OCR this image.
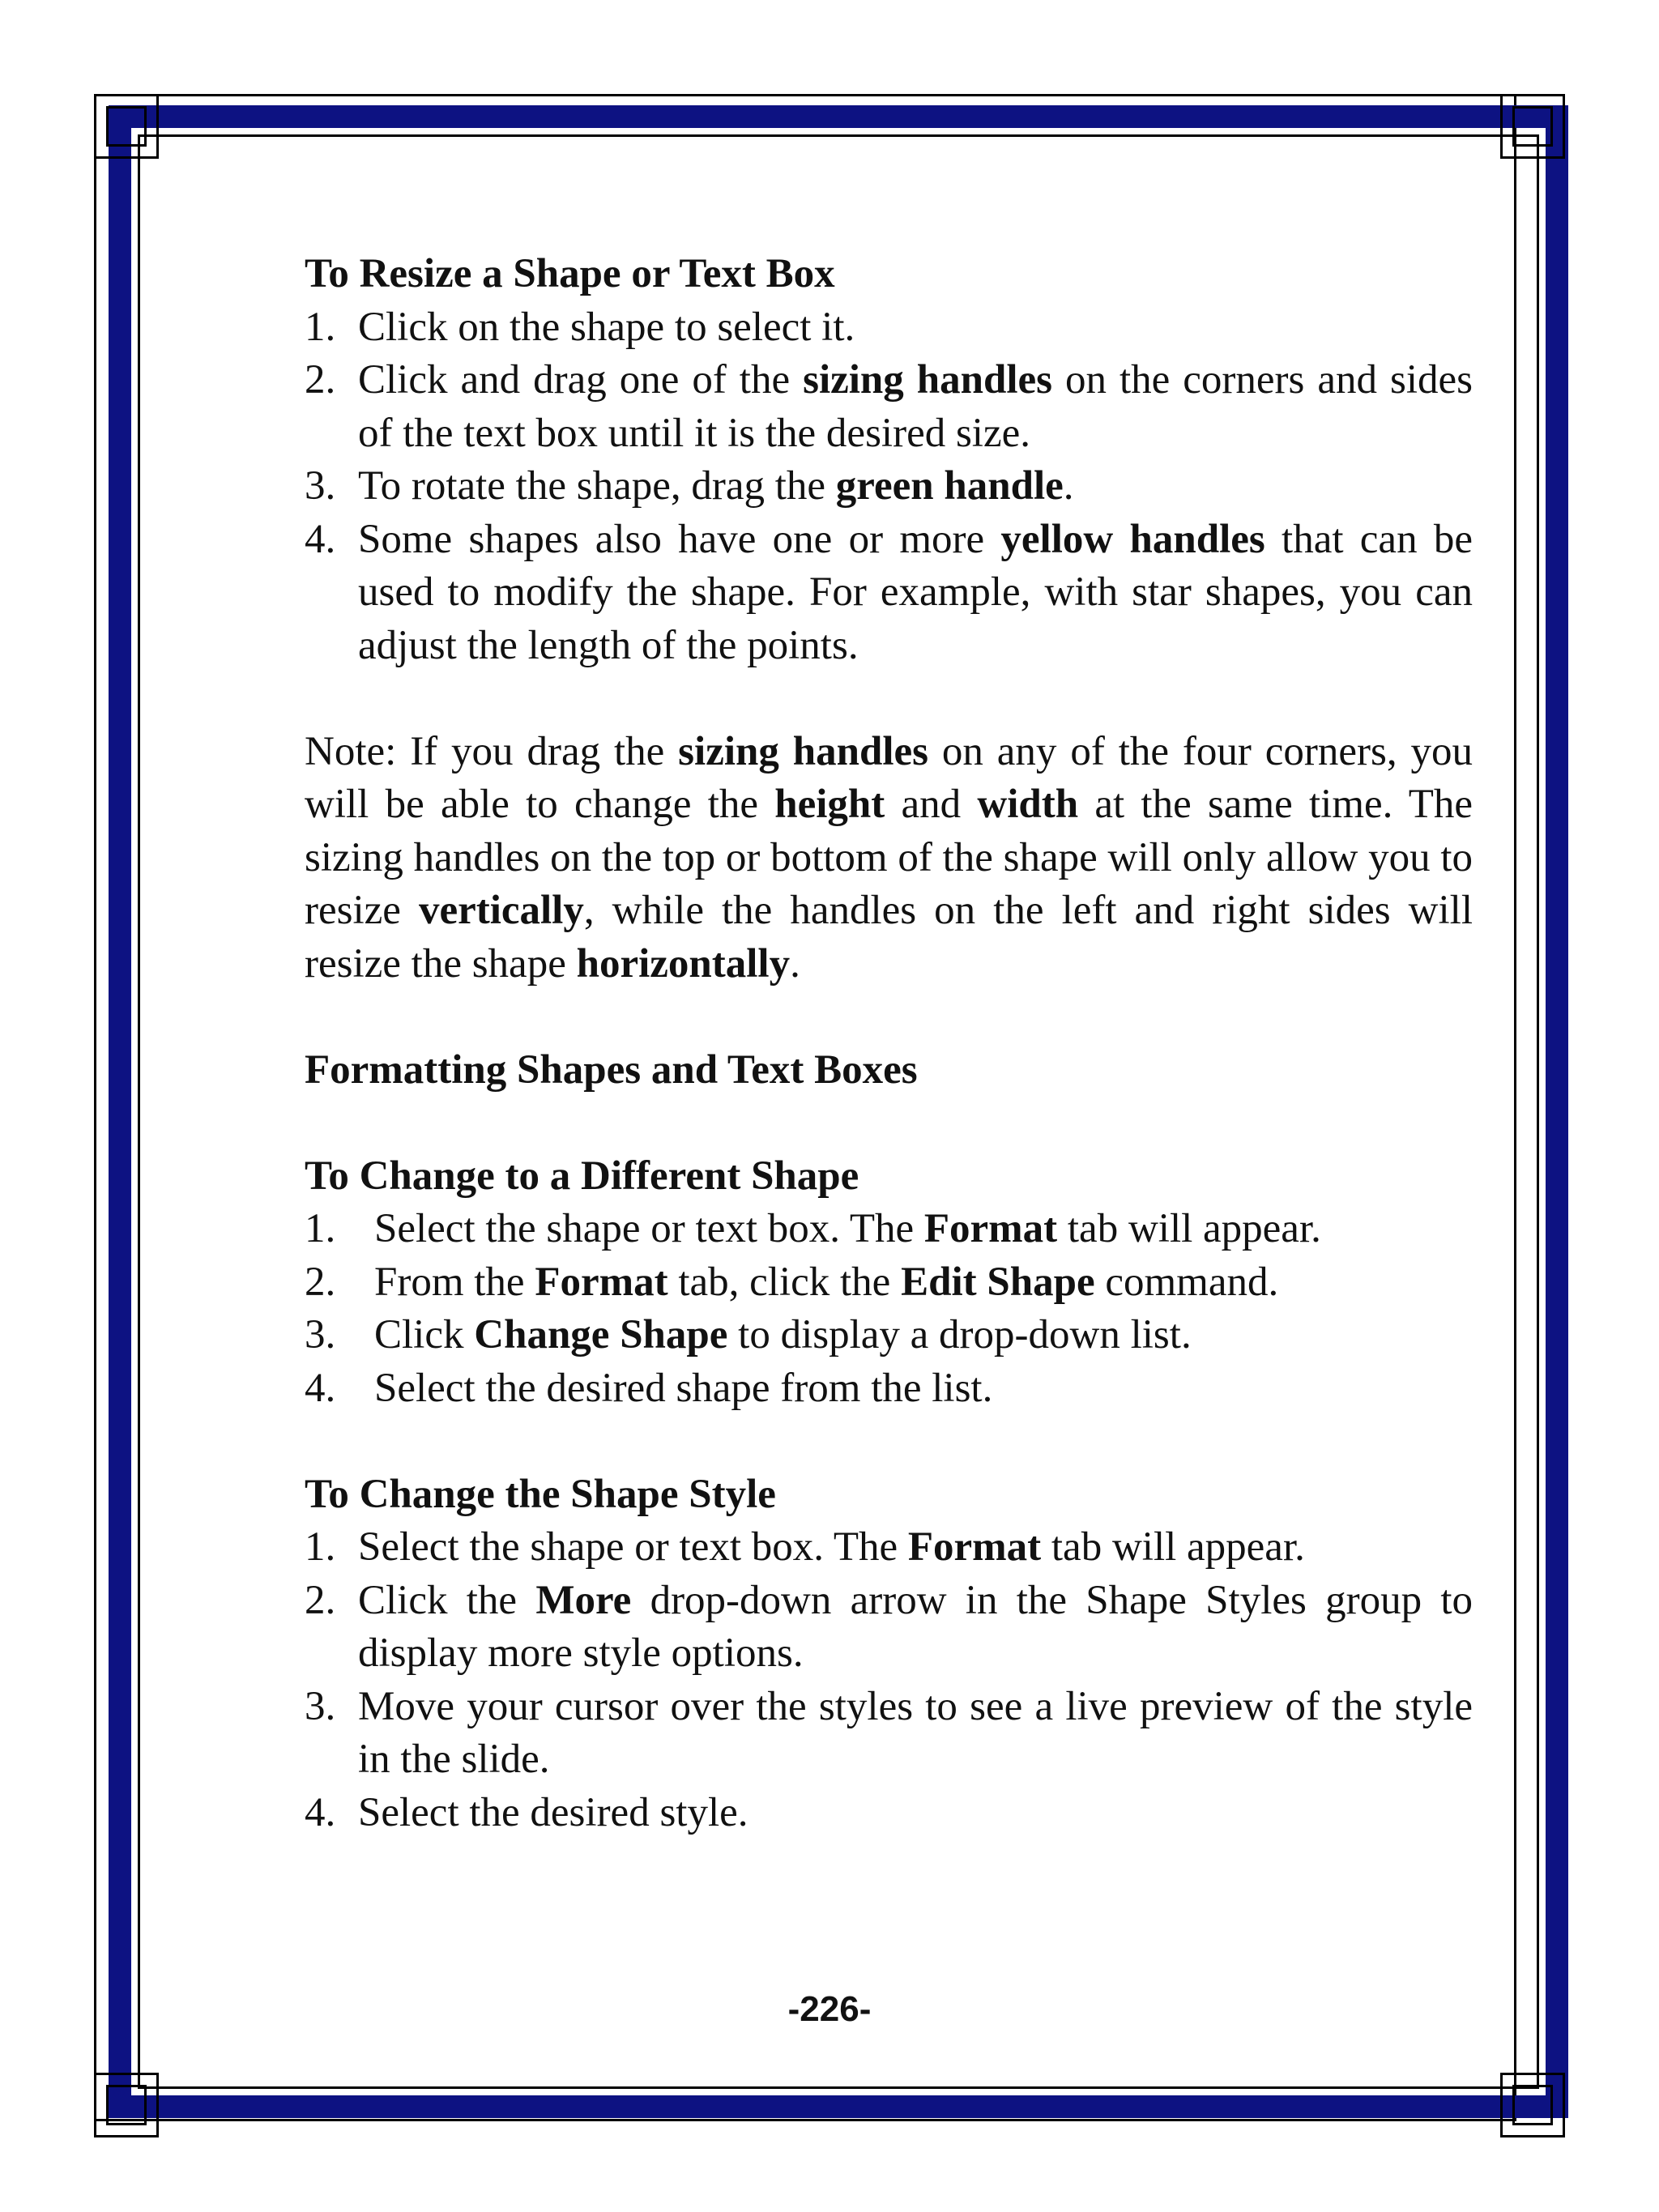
To Resize a Shape or Text Box

1. Click on the shape to select it.
2. Click and drag one of the sizing handles on the corners and sides of the text box until it is the desired size.
3. To rotate the shape, drag the green handle.
4. Some shapes also have one or more yellow handles that can be used to modify the shape. For example, with star shapes, you can adjust the length of the points.

Note: If you drag the sizing handles on any of the four corners, you will be able to change the height and width at the same time. The sizing handles on the top or bottom of the shape will only allow you to resize vertically, while the handles on the left and right sides will resize the shape horizontally.

Formatting Shapes and Text Boxes

To Change to a Different Shape

1. Select the shape or text box. The Format tab will appear.
2. From the Format tab, click the Edit Shape command.
3. Click Change Shape to display a drop-down list.
4. Select the desired shape from the list.

To Change the Shape Style

1. Select the shape or text box. The Format tab will appear.
2. Click the More drop-down arrow in the Shape Styles group to display more style options.
3. Move your cursor over the styles to see a live preview of the style in the slide.
4. Select the desired style.
-226-
